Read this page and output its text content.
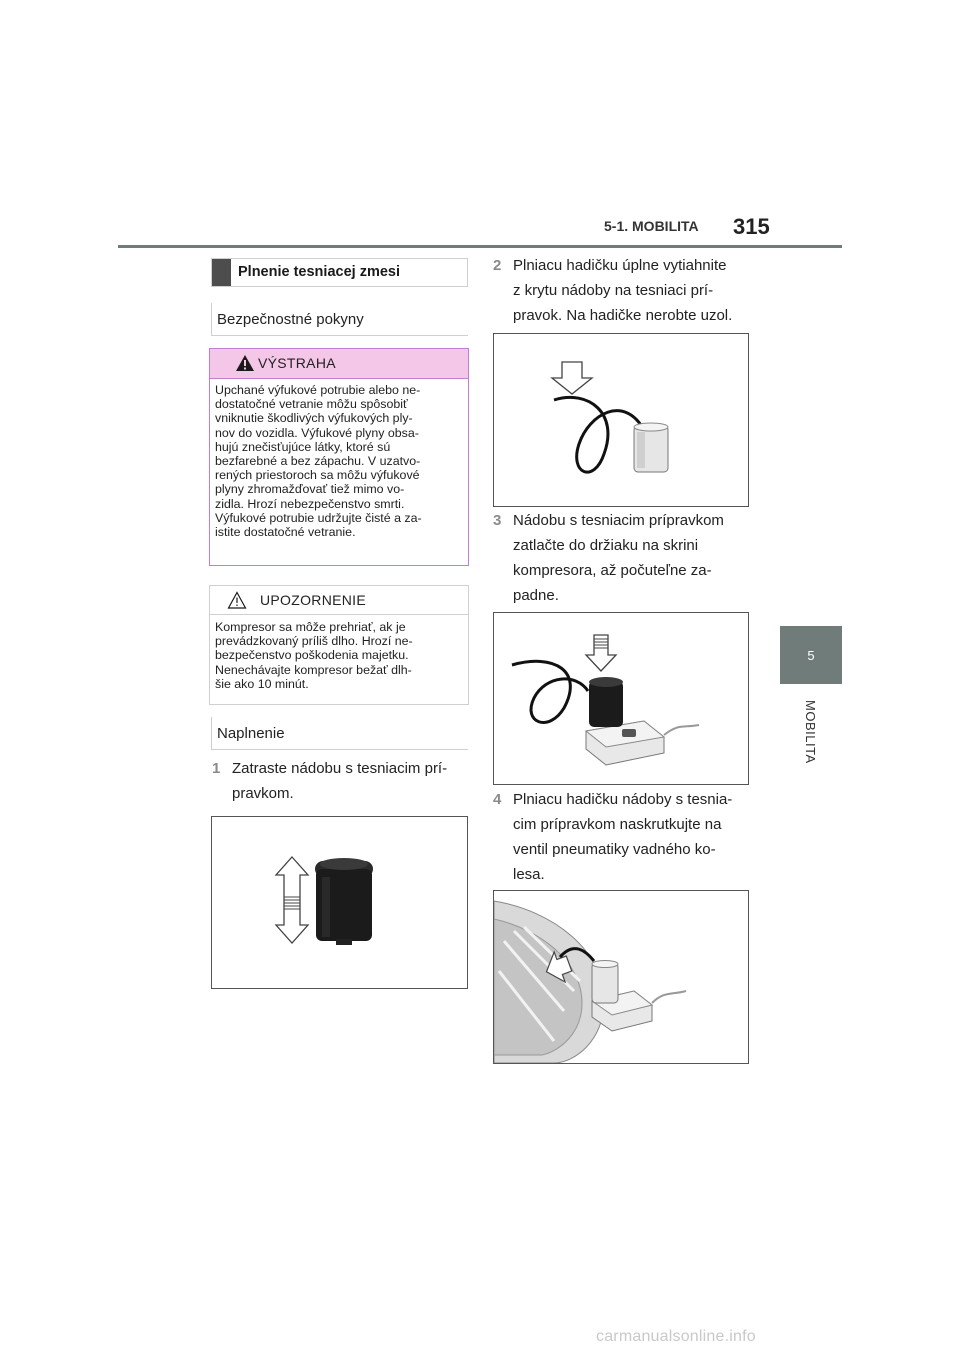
5-1. MOBILITA 315
5
MOBILITA
Plnenie tesniacej zmesi
Bezpečnostné pokyny
VÝSTRAHA
Upchané výfukové potrubie alebo ne-
dostatočné vetranie môžu spôsobiť
vniknutie škodlivých výfukových ply-
nov do vozidla. Výfukové plyny obsa-
hujú znečisťujúce látky, ktoré sú
bezfarebné a bez zápachu. V uzatvo-
rených priestoroch sa môžu výfukové
plyny zhromažďovať tiež mimo vo-
zidla. Hrozí nebezpečenstvo smrti.
Výfukové potrubie udržujte čisté a za-
istite dostatočné vetranie.
UPOZORNENIE
Kompresor sa môže prehriať, ak je
prevádzkovaný príliš dlho. Hrozí ne-
bezpečenstvo poškodenia majetku.
Nenechávajte kompresor bežať dlh-
šie ako 10 minút.
Naplnenie
1 Zatraste nádobu s tesniacim prí-
pravkom.
2 Plniacu hadičku úplne vytiahnite
z krytu nádoby na tesniaci prí-
pravok. Na hadičke nerobte uzol.
3 Nádobu s tesniacim prípravkom
zatlačte do držiaku na skrini
kompresora, až počuteľne za-
padne.
4 Plniacu hadičku nádoby s tesnia-
cim prípravkom naskrutkujte na
ventil pneumatiky vadného ko-
lesa.
carmanualsonline.info
